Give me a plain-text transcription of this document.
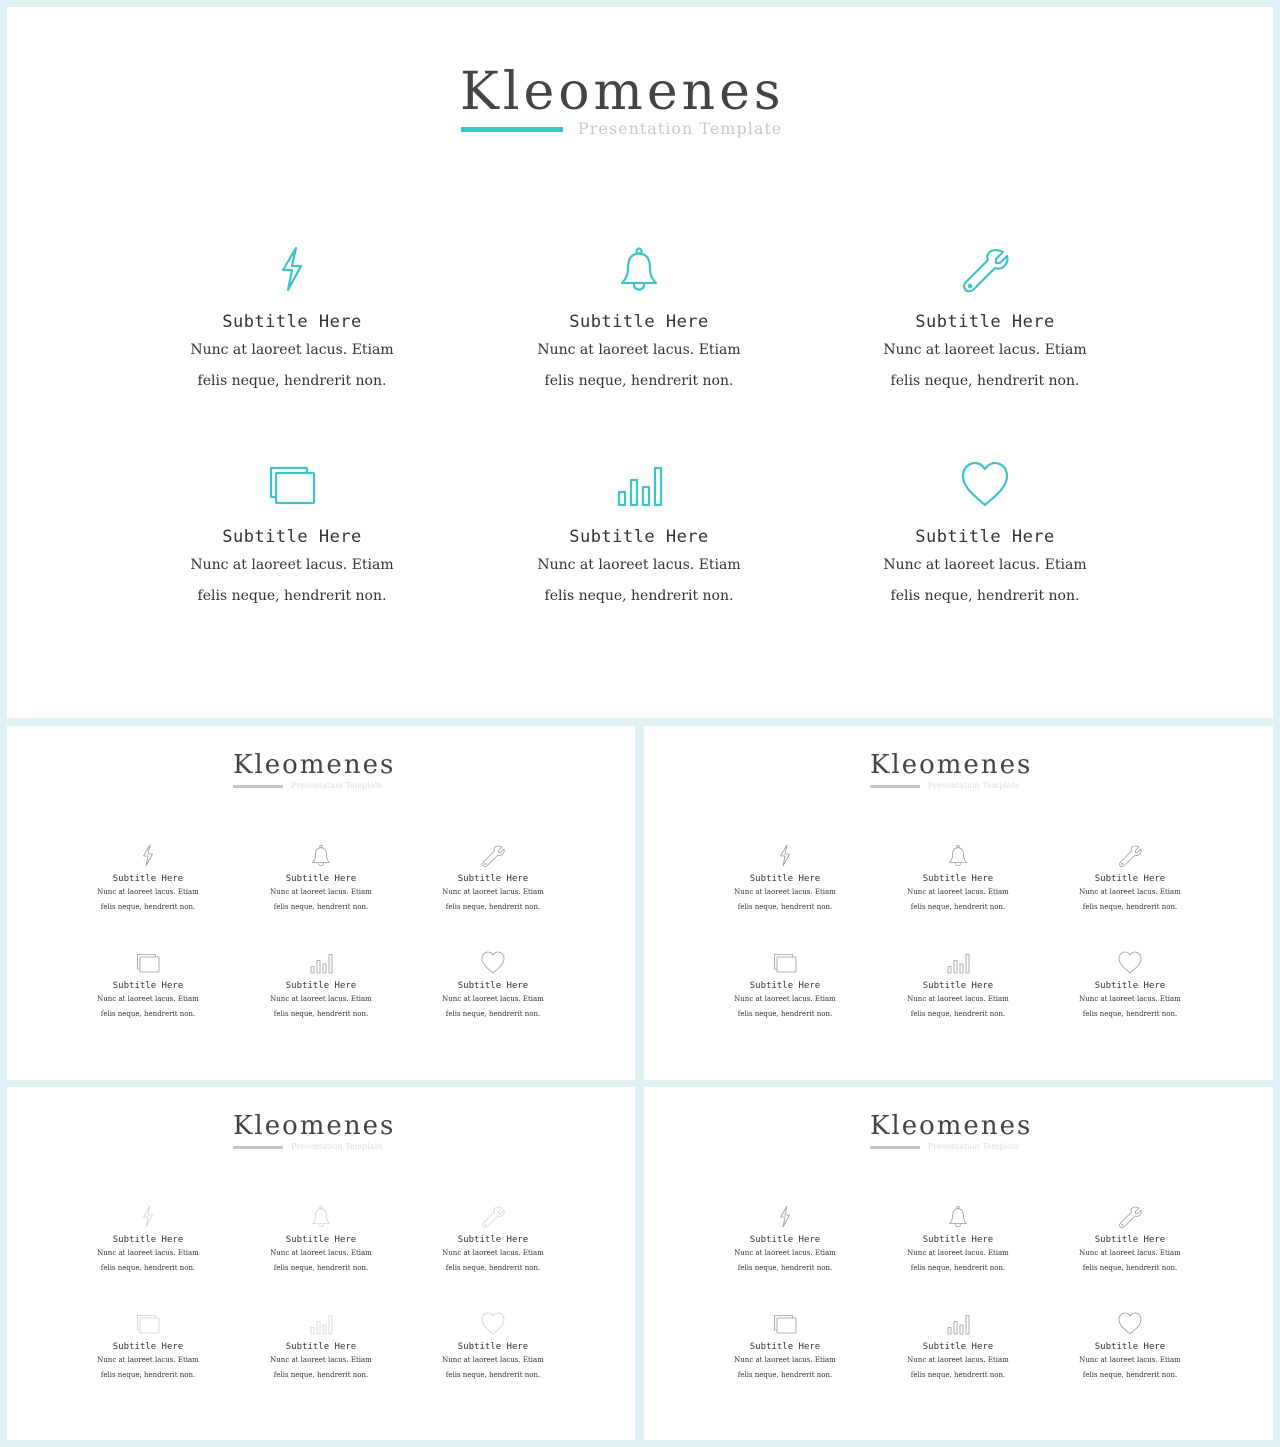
Kleomenes
Presentation Template
Subtitle Here
Nunc at laoreet lacus. Etiam
felis neque, hendrerit non.
Subtitle Here
Nunc at laoreet lacus. Etiam
felis neque, hendrerit non.
Subtitle Here
Nunc at laoreet lacus. Etiam
felis neque, hendrerit non.
Subtitle Here
Nunc at laoreet lacus. Etiam
felis neque, hendrerit non.
Subtitle Here
Nunc at laoreet lacus. Etiam
felis neque, hendrerit non.
Subtitle Here
Nunc at laoreet lacus. Etiam
felis neque, hendrerit non.
Kleomenes
Presentation Template
Subtitle Here
Nunc at laoreet lacus. Etiam
felis neque, hendrerit non.
Subtitle Here
Nunc at laoreet lacus. Etiam
felis neque, hendrerit non.
Subtitle Here
Nunc at laoreet lacus. Etiam
felis neque, hendrerit non.
Subtitle Here
Nunc at laoreet lacus. Etiam
felis neque, hendrerit non.
Subtitle Here
Nunc at laoreet lacus. Etiam
felis neque, hendrerit non.
Subtitle Here
Nunc at laoreet lacus. Etiam
felis neque, hendrerit non.
Kleomenes
Presentation Template
Subtitle Here
Nunc at laoreet lacus. Etiam
felis neque, hendrerit non.
Subtitle Here
Nunc at laoreet lacus. Etiam
felis neque, hendrerit non.
Subtitle Here
Nunc at laoreet lacus. Etiam
felis neque, hendrerit non.
Subtitle Here
Nunc at laoreet lacus. Etiam
felis neque, hendrerit non.
Subtitle Here
Nunc at laoreet lacus. Etiam
felis neque, hendrerit non.
Subtitle Here
Nunc at laoreet lacus. Etiam
felis neque, hendrerit non.
Kleomenes
Presentation Template
Subtitle Here
Nunc at laoreet lacus. Etiam
felis neque, hendrerit non.
Subtitle Here
Nunc at laoreet lacus. Etiam
felis neque, hendrerit non.
Subtitle Here
Nunc at laoreet lacus. Etiam
felis neque, hendrerit non.
Subtitle Here
Nunc at laoreet lacus. Etiam
felis neque, hendrerit non.
Subtitle Here
Nunc at laoreet lacus. Etiam
felis neque, hendrerit non.
Subtitle Here
Nunc at laoreet lacus. Etiam
felis neque, hendrerit non.
Kleomenes
Presentation Template
Subtitle Here
Nunc at laoreet lacus. Etiam
felis neque, hendrerit non.
Subtitle Here
Nunc at laoreet lacus. Etiam
felis neque, hendrerit non.
Subtitle Here
Nunc at laoreet lacus. Etiam
felis neque, hendrerit non.
Subtitle Here
Nunc at laoreet lacus. Etiam
felis neque, hendrerit non.
Subtitle Here
Nunc at laoreet lacus. Etiam
felis neque, hendrerit non.
Subtitle Here
Nunc at laoreet lacus. Etiam
felis neque, hendrerit non.
